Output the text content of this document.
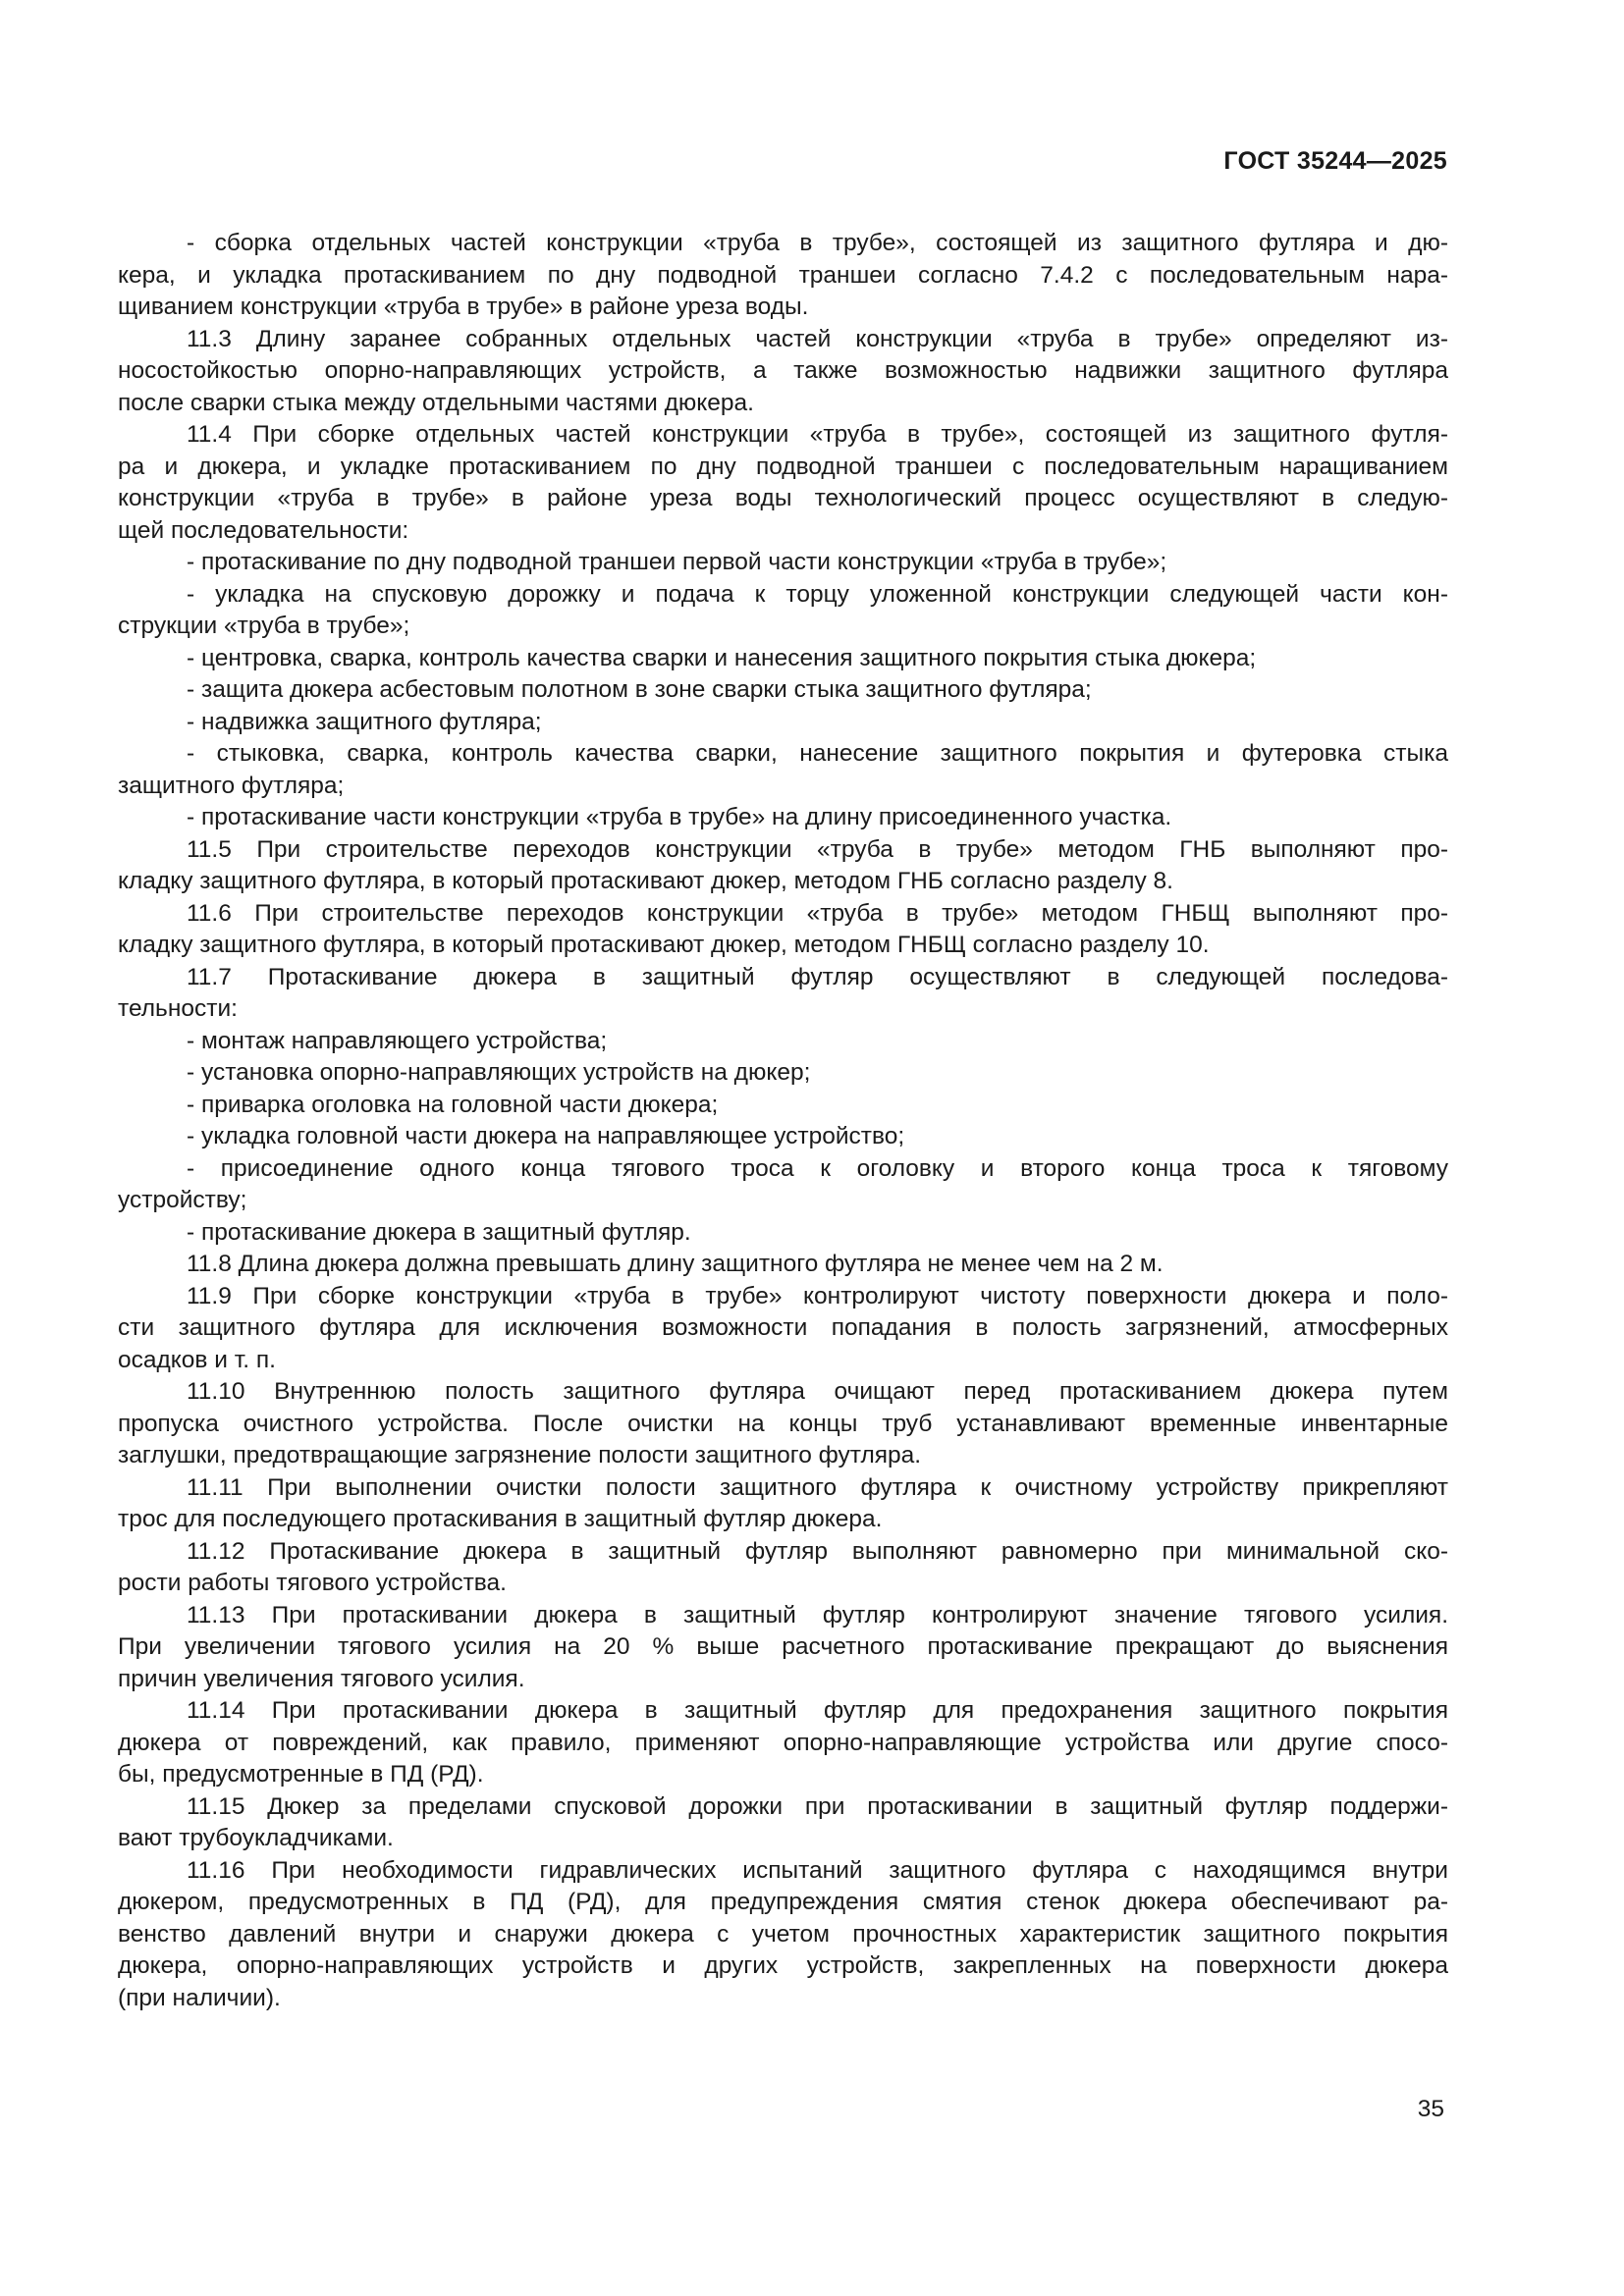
ГОСТ 35244—2025
- сборка отдельных частей конструкции «труба в трубе», состоящей из защитного футляра и дю-
кера, и укладка протаскиванием по дну подводной траншеи согласно 7.4.2 с последовательным нара-
щиванием конструкции «труба в трубе» в районе уреза воды.
11.3 Длину заранее собранных отдельных частей конструкции «труба в трубе» определяют из-
носостойкостью опорно-направляющих устройств, а также возможностью надвижки защитного футляра
после сварки стыка между отдельными частями дюкера.
11.4 При сборке отдельных частей конструкции «труба в трубе», состоящей из защитного футля-
ра и дюкера, и укладке протаскиванием по дну подводной траншеи с последовательным наращиванием
конструкции «труба в трубе» в районе уреза воды технологический процесс осуществляют в следую-
щей последовательности:
- протаскивание по дну подводной траншеи первой части конструкции «труба в трубе»;
- укладка на спусковую дорожку и подача к торцу уложенной конструкции следующей части кон-
струкции «труба в трубе»;
- центровка, сварка, контроль качества сварки и нанесения защитного покрытия стыка дюкера;
- защита дюкера асбестовым полотном в зоне сварки стыка защитного футляра;
- надвижка защитного футляра;
- стыковка, сварка, контроль качества сварки, нанесение защитного покрытия и футеровка стыка
защитного футляра;
- протаскивание части конструкции «труба в трубе» на длину присоединенного участка.
11.5 При строительстве переходов конструкции «труба в трубе» методом ГНБ выполняют про-
кладку защитного футляра, в который протаскивают дюкер, методом ГНБ согласно разделу 8.
11.6 При строительстве переходов конструкции «труба в трубе» методом ГНБЩ выполняют про-
кладку защитного футляра, в который протаскивают дюкер, методом ГНБЩ согласно разделу 10.
11.7 Протаскивание дюкера в защитный футляр осуществляют в следующей последова-
тельности:
- монтаж направляющего устройства;
- установка опорно-направляющих устройств на дюкер;
- приварка оголовка на головной части дюкера;
- укладка головной части дюкера на направляющее устройство;
- присоединение одного конца тягового троса к оголовку и второго конца троса к тяговому
устройству;
- протаскивание дюкера в защитный футляр.
11.8 Длина дюкера должна превышать длину защитного футляра не менее чем на 2 м.
11.9 При сборке конструкции «труба в трубе» контролируют чистоту поверхности дюкера и поло-
сти защитного футляра для исключения возможности попадания в полость загрязнений, атмосферных
осадков и т. п.
11.10 Внутреннюю полость защитного футляра очищают перед протаскиванием дюкера путем
пропуска очистного устройства. После очистки на концы труб устанавливают временные инвентарные
заглушки, предотвращающие загрязнение полости защитного футляра.
11.11 При выполнении очистки полости защитного футляра к очистному устройству прикрепляют
трос для последующего протаскивания в защитный футляр дюкера.
11.12 Протаскивание дюкера в защитный футляр выполняют равномерно при минимальной ско-
рости работы тягового устройства.
11.13 При протаскивании дюкера в защитный футляр контролируют значение тягового усилия.
При увеличении тягового усилия на 20 % выше расчетного протаскивание прекращают до выяснения
причин увеличения тягового усилия.
11.14 При протаскивании дюкера в защитный футляр для предохранения защитного покрытия
дюкера от повреждений, как правило, применяют опорно-направляющие устройства или другие спосо-
бы, предусмотренные в ПД (РД).
11.15 Дюкер за пределами спусковой дорожки при протаскивании в защитный футляр поддержи-
вают трубоукладчиками.
11.16 При необходимости гидравлических испытаний защитного футляра с находящимся внутри
дюкером, предусмотренных в ПД (РД), для предупреждения смятия стенок дюкера обеспечивают ра-
венство давлений внутри и снаружи дюкера с учетом прочностных характеристик защитного покрытия
дюкера, опорно-направляющих устройств и других устройств, закрепленных на поверхности дюкера
(при наличии).
35
